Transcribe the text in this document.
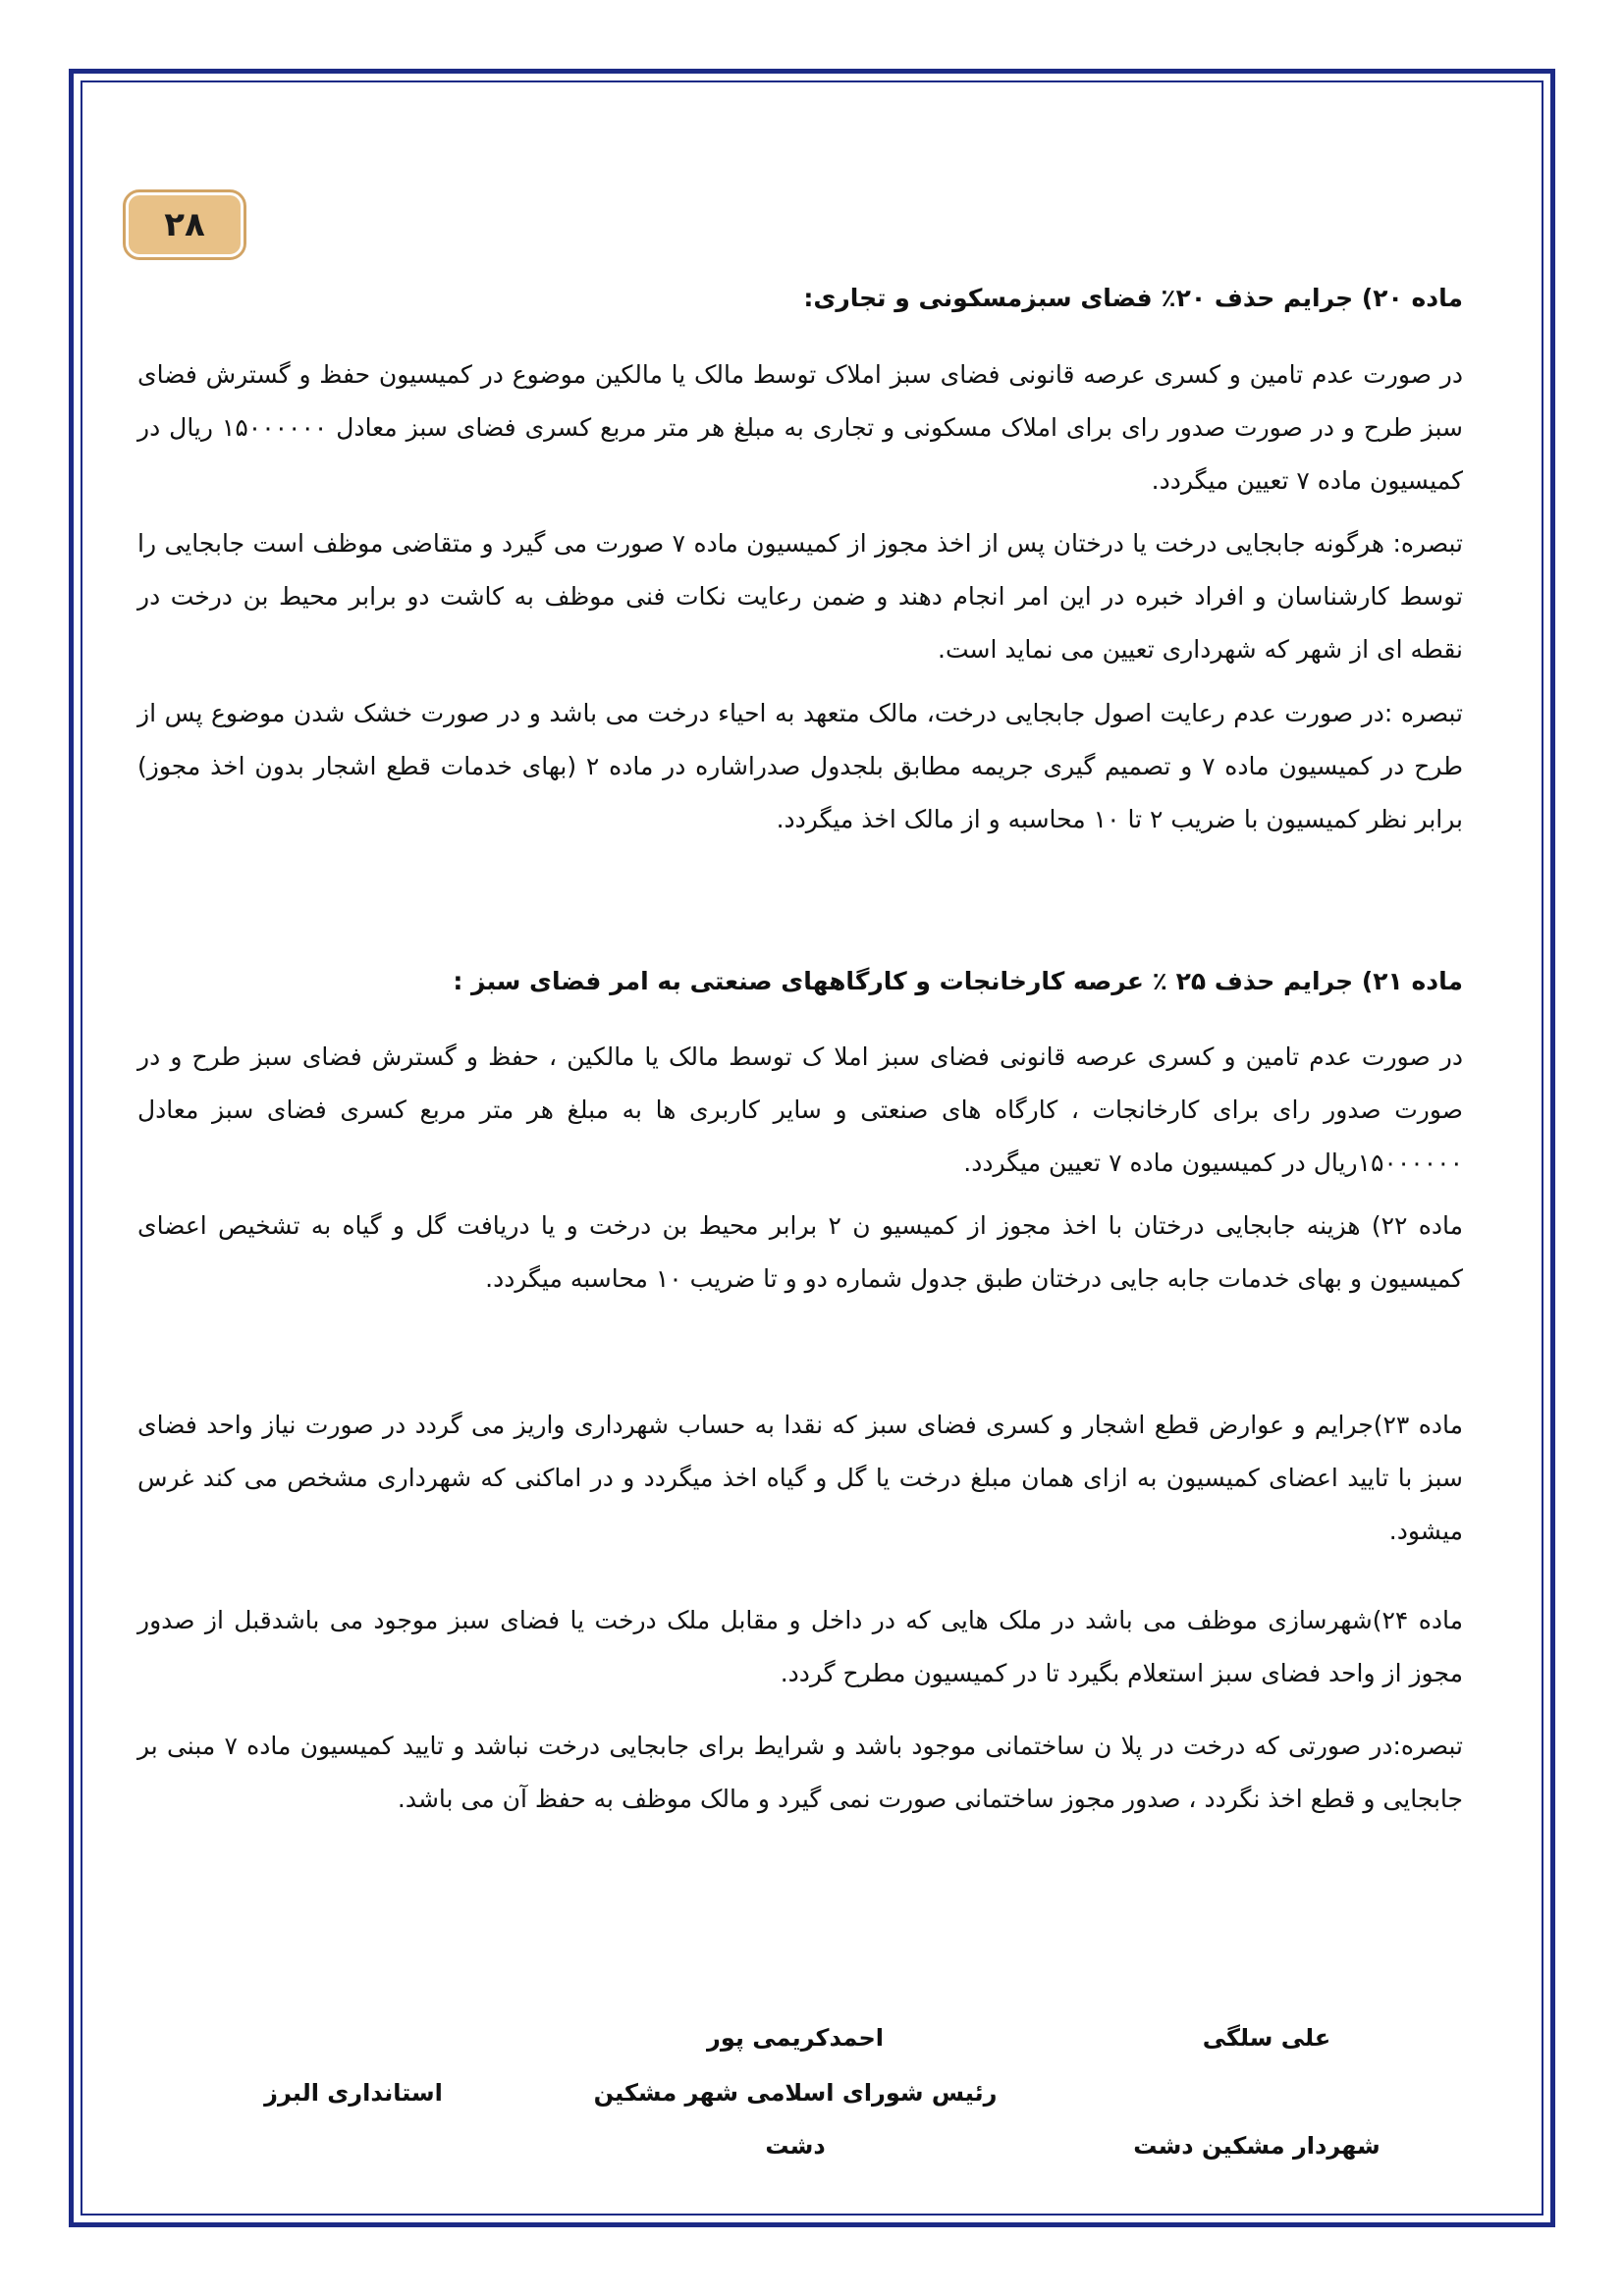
۲۸
ماده ۲۰) جرایم حذف ۲۰٪ فضای سبزمسکونی و تجاری:
در صورت عدم تامین و کسری عرصه قانونی فضای سبز املاک توسط مالک یا مالکین موضوع در کمیسیون حفظ و گسترش فضای سبز طرح و در صورت صدور رای برای املاک مسکونی و تجاری به مبلغ هر متر مربع کسری فضای سبز معادل ۱۵۰۰۰۰۰۰ ریال در کمیسیون ماده ۷ تعیین میگردد.
تبصره: هرگونه جابجایی درخت یا درختان پس از اخذ مجوز از کمیسیون ماده ۷ صورت می گیرد و متقاضی موظف است جابجایی را توسط کارشناسان و افراد خبره در این امر انجام دهند و ضمن رعایت نکات فنی موظف به کاشت دو برابر محیط بن درخت در نقطه ای از شهر که شهرداری تعیین می نماید است.
تبصره :در صورت عدم رعایت اصول جابجایی درخت، مالک متعهد به احیاء درخت می باشد و در صورت خشک شدن موضوع پس از طرح در کمیسیون ماده ۷ و تصمیم گیری جریمه مطابق بلجدول صدراشاره در ماده ۲ (بهای خدمات قطع اشجار بدون اخذ مجوز) برابر نظر کمیسیون با ضریب ۲ تا ۱۰ محاسبه و از مالک اخذ میگردد.
ماده ۲۱) جرایم حذف ۲۵ ٪ عرصه کارخانجات و کارگاههای صنعتی به امر فضای سبز :
در صورت عدم تامین و کسری عرصه قانونی فضای سبز املا ک توسط مالک یا مالکین ، حفظ و گسترش فضای سبز طرح و در صورت صدور رای برای کارخانجات ، کارگاه های صنعتی و سایر کاربری ها به مبلغ هر متر مربع کسری فضای سبز معادل ۱۵۰۰۰۰۰۰ریال در کمیسیون ماده ۷ تعیین میگردد.
ماده ۲۲) هزینه جابجایی درختان با اخذ مجوز از کمیسیو ن ۲ برابر محیط بن درخت و یا دریافت گل و گیاه به تشخیص اعضای کمیسیون و بهای خدمات جابه جایی درختان طبق جدول شماره دو و تا ضریب ۱۰ محاسبه میگردد.
ماده ۲۳)جرایم و عوارض قطع اشجار و کسری فضای سبز که نقدا به حساب شهرداری واریز می گردد در صورت نیاز واحد فضای سبز با تایید اعضای کمیسیون به ازای همان مبلغ درخت یا گل و گیاه اخذ میگردد و در اماکنی که شهرداری مشخص می کند غرس میشود.
ماده ۲۴)شهرسازی موظف می باشد در ملک هایی که در داخل و مقابل ملک درخت یا فضای سبز موجود می باشدقبل از صدور مجوز از واحد فضای سبز استعلام بگیرد تا در کمیسیون مطرح گردد.
تبصره:در صورتی که درخت در پلا ن ساختمانی موجود باشد و شرایط برای جابجایی درخت نباشد و تایید کمیسیون ماده ۷ مبنی بر جابجایی و قطع اخذ نگردد ، صدور مجوز ساختمانی صورت نمی گیرد و مالک موظف به حفظ آن می باشد.
علی سلگی
شهردار مشکین دشت
احمدکریمی پور
رئیس شورای اسلامی شهر مشکین
دشت
استانداری البرز
